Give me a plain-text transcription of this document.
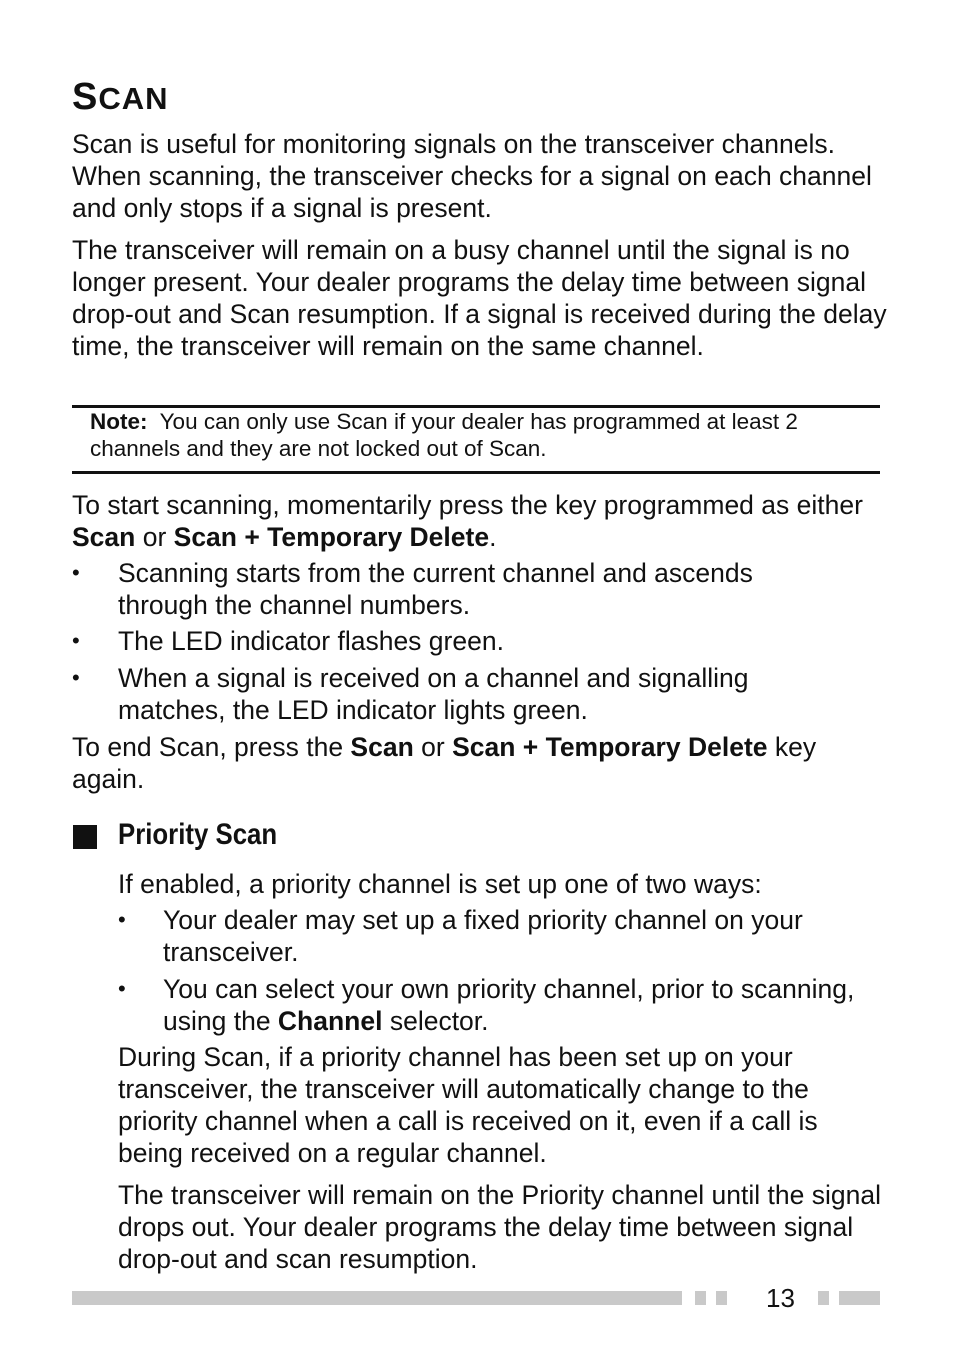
SCAN

Scan is useful for monitoring signals on the transceiver channels. When scanning, the transceiver checks for a signal on each channel and only stops if a signal is present.

The transceiver will remain on a busy channel until the signal is no longer present. Your dealer programs the delay time between signal drop-out and Scan resumption. If a signal is received during the delay time, the transceiver will remain on the same channel.

Note: You can only use Scan if your dealer has programmed at least 2 channels and they are not locked out of Scan.

To start scanning, momentarily press the key programmed as either Scan or Scan + Temporary Delete.

• Scanning starts from the current channel and ascends through the channel numbers.

• The LED indicator flashes green.

• When a signal is received on a channel and signalling matches, the LED indicator lights green.

To end Scan, press the Scan or Scan + Temporary Delete key again.

Priority Scan

If enabled, a priority channel is set up one of two ways:

• Your dealer may set up a fixed priority channel on your transceiver.

• You can select your own priority channel, prior to scanning, using the Channel selector.

During Scan, if a priority channel has been set up on your transceiver, the transceiver will automatically change to the priority channel when a call is received on it, even if a call is being received on a regular channel.

The transceiver will remain on the Priority channel until the signal drops out. Your dealer programs the delay time between signal drop-out and scan resumption.

13
